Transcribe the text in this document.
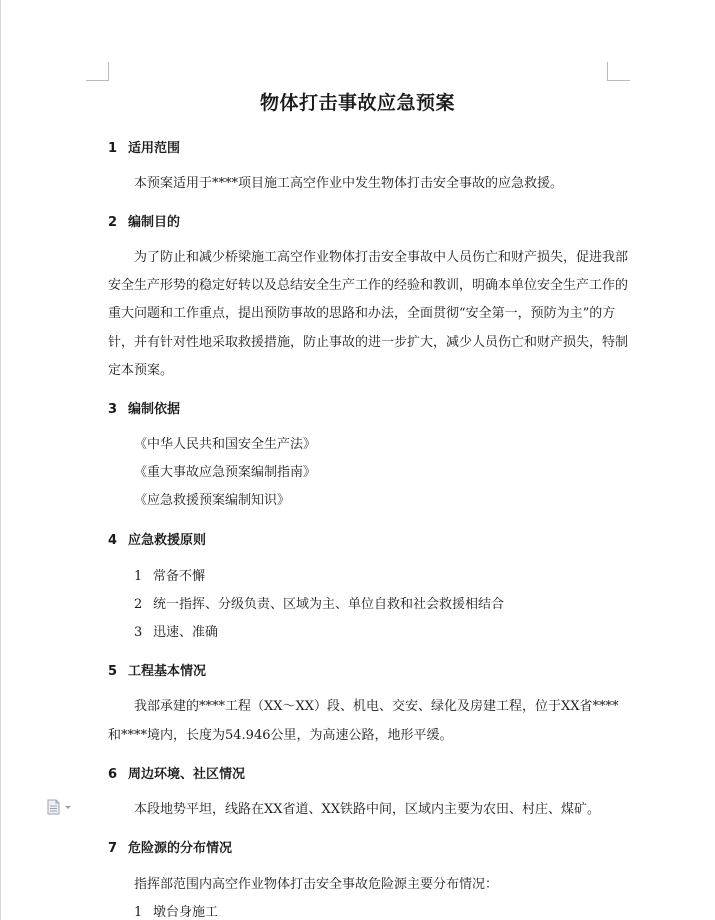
物体打击事故应急预案
1 适用范围
本预案适用于****项目施工高空作业中发生物体打击安全事故的应急救援。
2 编制目的
为了防止和减少桥梁施工高空作业物体打击安全事故中人员伤亡和财产损失，促进我部
安全生产形势的稳定好转以及总结安全生产工作的经验和教训，明确本单位安全生产工作的
重大问题和工作重点，提出预防事故的思路和办法，全面贯彻“安全第一，预防为主”的方
针，并有针对性地采取救援措施，防止事故的进一步扩大，减少人员伤亡和财产损失，特制
定本预案。
3 编制依据
《中华人民共和国安全生产法》
《重大事故应急预案编制指南》
《应急救援预案编制知识》
4 应急救援原则
1 常备不懈
2 统一指挥、分级负责、区域为主、单位自救和社会救援相结合
3 迅速、准确
5 工程基本情况
我部承建的****工程（XX～XX）段、机电、交安、绿化及房建工程，位于XX省****
和****境内，长度为54.946公里，为高速公路，地形平缓。
6 周边环境、社区情况
本段地势平坦，线路在XX省道、XX铁路中间，区域内主要为农田、村庄、煤矿。
7 危险源的分布情况
指挥部范围内高空作业物体打击安全事故危险源主要分布情况：
1 墩台身施工
